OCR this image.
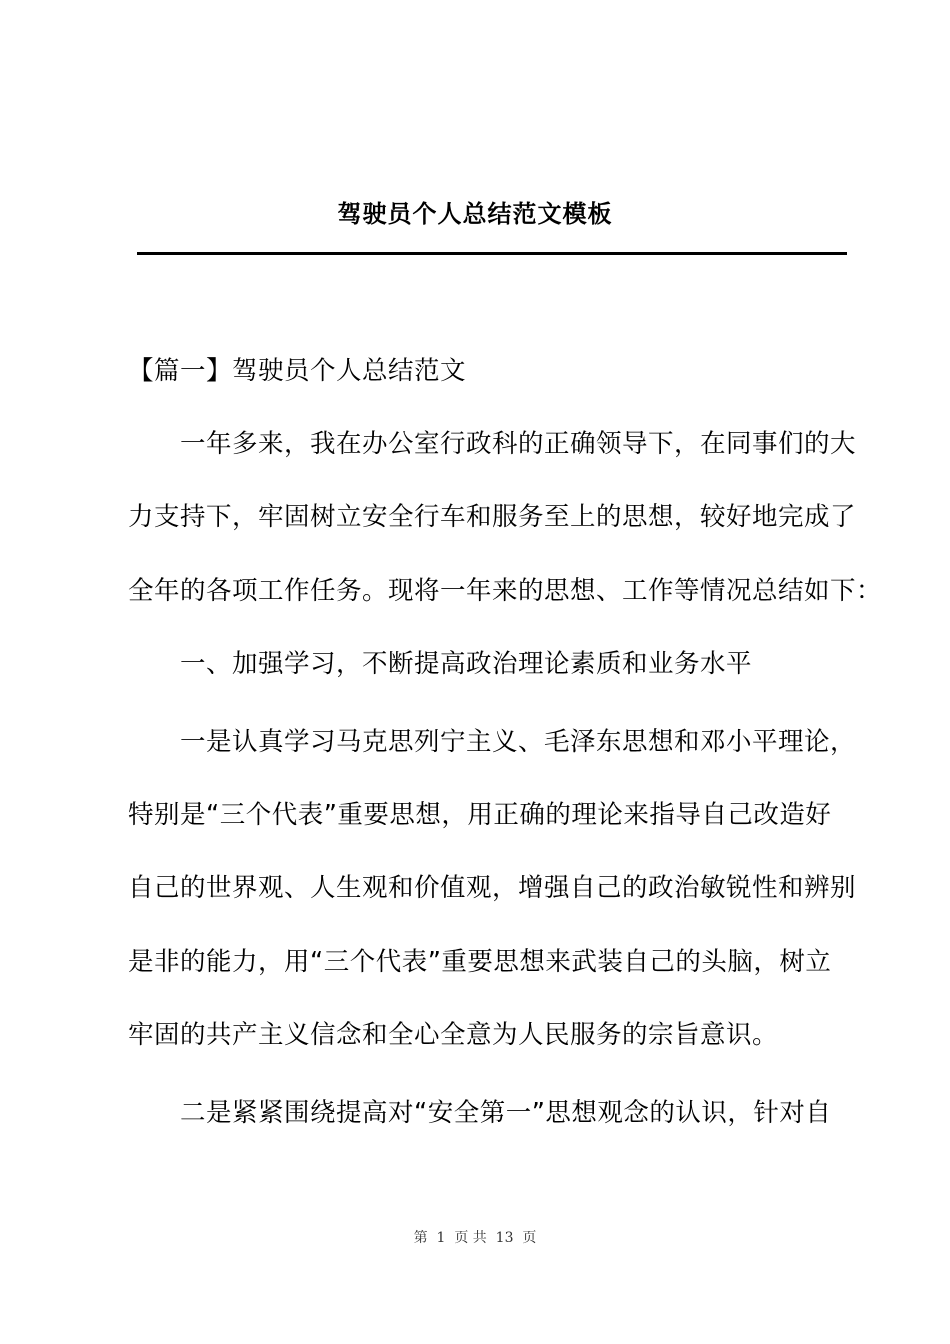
驾驶员个人总结范文模板
【篇一】驾驶员个人总结范文
　　一年多来，我在办公室行政科的正确领导下，在同事们的大
力支持下，牢固树立安全行车和服务至上的思想，较好地完成了
全年的各项工作任务。现将一年来的思想、工作等情况总结如下：
　　一、加强学习，不断提高政治理论素质和业务水平
　　一是认真学习马克思列宁主义、毛泽东思想和邓小平理论，
特别是“三个代表”重要思想，用正确的理论来指导自己改造好
自己的世界观、人生观和价值观，增强自己的政治敏锐性和辨别
是非的能力，用“三个代表”重要思想来武装自己的头脑，树立
牢固的共产主义信念和全心全意为人民服务的宗旨意识。
　　二是紧紧围绕提高对“安全第一”思想观念的认识，针对自
第  1  页 共  13  页
